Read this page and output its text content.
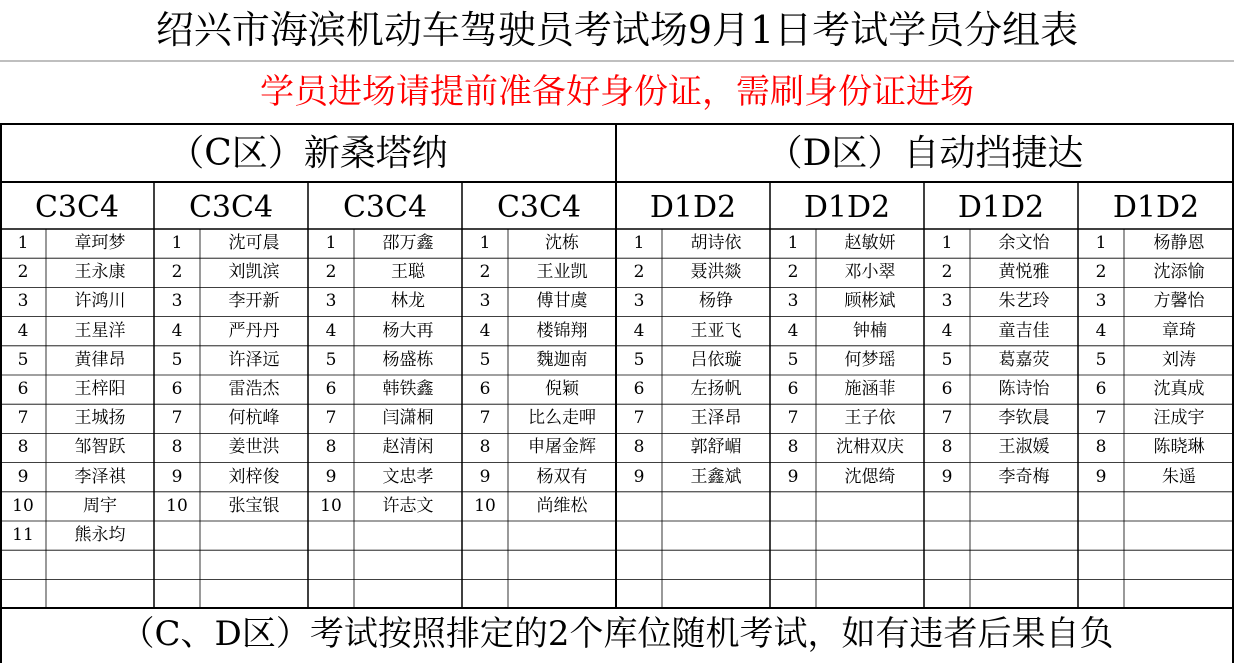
绍兴市海滨机动车驾驶员考试场9月1日考试学员分组表
学员进场请提前准备好身份证，需刷身份证进场
（C区）新桑塔纳	（D区）自动挡捷达
C3C4
1	章珂梦
2	王永康
3	许鸿川
4	王星洋
5	黄律昂
6	王梓阳
7	王城扬
8	邹智跃
9	李泽祺
10	周宇
11	熊永均
C3C4
1	沈可晨
2	刘凯滨
3	李开新
4	严丹丹
5	许泽远
6	雷浩杰
7	何杭峰
8	姜世洪
9	刘梓俊
10	张宝银
C3C4
1	邵万鑫
2	王聪
3	林龙
4	杨大再
5	杨盛栋
6	韩铁鑫
7	闫潇桐
8	赵清闲
9	文忠孝
10	许志文
C3C4
1	沈栋
2	王业凯
3	傅甘虞
4	楼锦翔
5	魏迦南
6	倪颖
7	比么走呷
8	申屠金辉
9	杨双有
10	尚维松
D1D2
1	胡诗依
2	聂洪燚
3	杨铮
4	王亚飞
5	吕依璇
6	左扬帆
7	王泽昂
8	郭舒嵋
9	王鑫斌
D1D2
1	赵敏妍
2	邓小翠
3	顾彬斌
4	钟楠
5	何梦瑶
6	施涵菲
7	王子依
8	沈枏双庆
9	沈偲绮
D1D2
1	余文怡
2	黄悦雅
3	朱艺玲
4	童吉佳
5	葛嘉荧
6	陈诗怡
7	李钦晨
8	王淑媛
9	李奇梅
D1D2
1	杨静恩
2	沈添愉
3	方馨怡
4	章琦
5	刘涛
6	沈真成
7	汪成宇
8	陈晓琳
9	朱遥
（C、D区）考试按照排定的2个库位随机考试，如有违者后果自负
